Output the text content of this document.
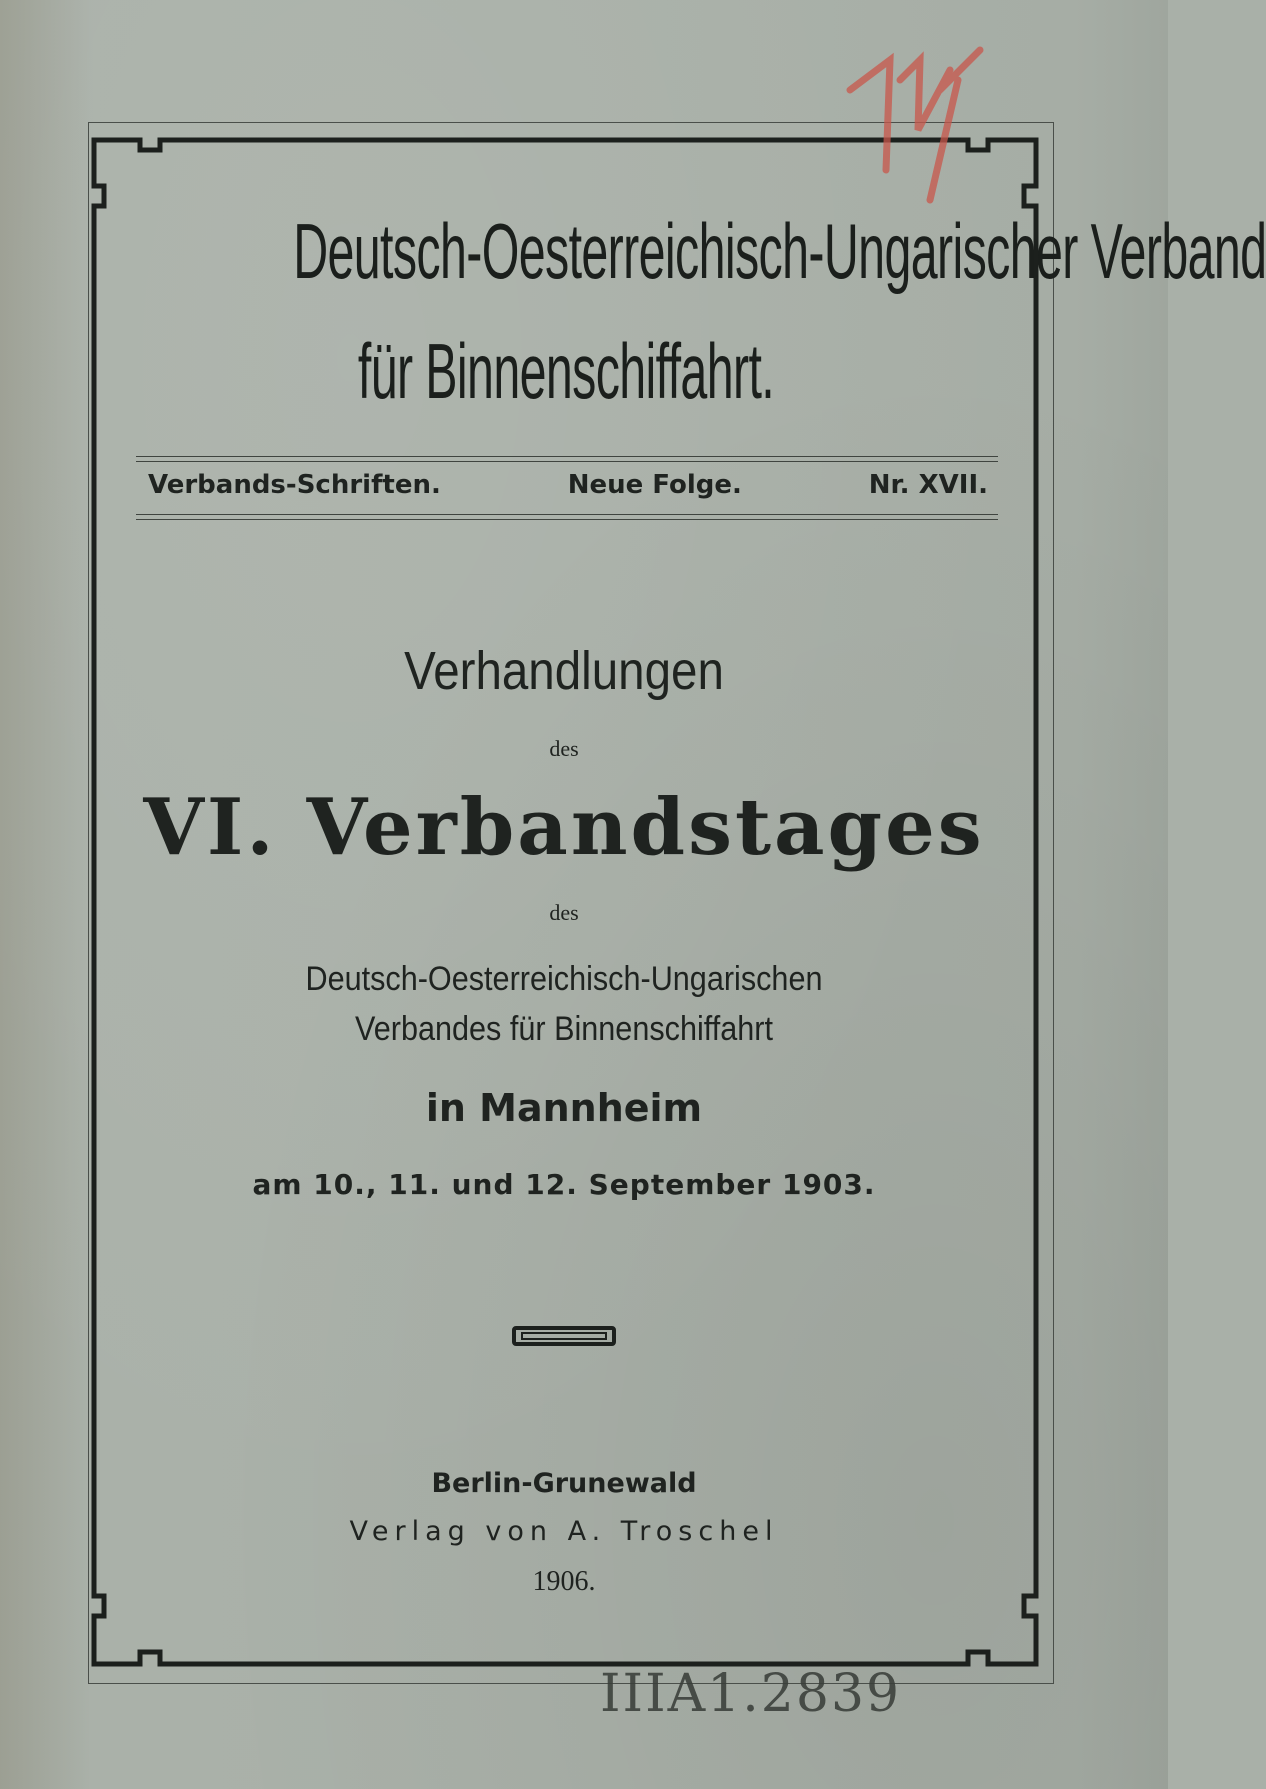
Deutsch-Oesterreichisch-Ungarischer Verband
für Binnenschiffahrt.
Verbands-Schriften.	Neue Folge.	Nr. XVII.
Verhandlungen
des
VI. Verbandstages
des
Deutsch-Oesterreichisch-Ungarischen
Verbandes für Binnenschiffahrt
in Mannheim
am 10., 11. und 12. September 1903.
Berlin-Grunewald
Verlag von A. Troschel
1906.
IIIA1.2839
